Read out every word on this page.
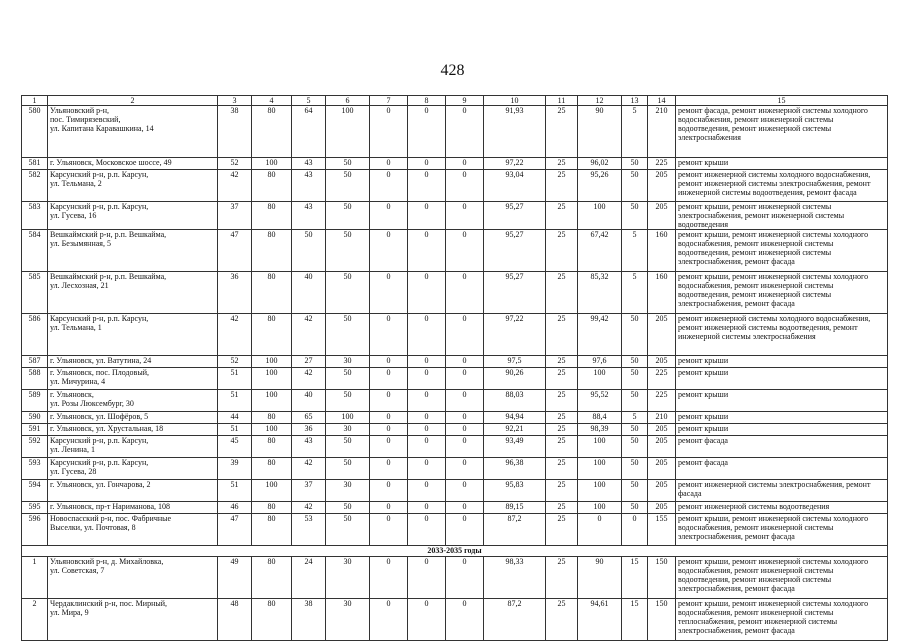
428
1	2	3	4	5	6	7	8	9	10	11	12	13	14	15
580	Ульяновский р-н,
пос. Тимирязевский,
ул. Капитана Каравашкина, 14	38	80	64	100	0	0	0	91,93	25	90	5	210	ремонт фасада, ремонт инженерной системы холодного водоснабжения, ремонт инженерной системы водоотведения, ремонт инженерной системы электроснабжения
581	г. Ульяновск, Московское шоссе, 49	52	100	43	50	0	0	0	97,22	25	96,02	50	225	ремонт крыши
582	Карсунский р-н, р.п. Карсун,
ул. Тельмана, 2	42	80	43	50	0	0	0	93,04	25	95,26	50	205	ремонт инженерной системы холодного водоснабжения, ремонт инженерной системы электроснабжения, ремонт инженерной системы водоотведения, ремонт фасада
583	Карсунский р-н, р.п. Карсун,
ул. Гусева, 16	37	80	43	50	0	0	0	95,27	25	100	50	205	ремонт крыши, ремонт инженерной системы электроснабжения, ремонт инженерной системы водоотведения
584	Вешкаймский р-н, р.п. Вешкайма,
ул. Безымянная, 5	47	80	50	50	0	0	0	95,27	25	67,42	5	160	ремонт крыши, ремонт инженерной системы холодного водоснабжения, ремонт инженерной системы водоотведения, ремонт инженерной системы электроснабжения, ремонт фасада
585	Вешкаймский р-н, р.п. Вешкайма,
ул. Лесхозная, 21	36	80	40	50	0	0	0	95,27	25	85,32	5	160	ремонт крыши, ремонт инженерной системы холодного водоснабжения, ремонт инженерной системы водоотведения, ремонт инженерной системы электроснабжения, ремонт фасада
586	Карсунский р-н, р.п. Карсун,
ул. Тельмана, 1	42	80	42	50	0	0	0	97,22	25	99,42	50	205	ремонт инженерной системы холодного водоснабжения, ремонт инженерной системы водоотведения, ремонт инженерной системы электроснабжения
587	г. Ульяновск, ул. Ватутина, 24	52	100	27	30	0	0	0	97,5	25	97,6	50	205	ремонт крыши
588	г. Ульяновск, пос. Плодовый,
ул. Мичурина, 4	51	100	42	50	0	0	0	90,26	25	100	50	225	ремонт крыши
589	г. Ульяновск,
ул. Розы Люксембург, 30	51	100	40	50	0	0	0	88,03	25	95,52	50	225	ремонт крыши
590	г. Ульяновск, ул. Шофёров, 5	44	80	65	100	0	0	0	94,94	25	88,4	5	210	ремонт крыши
591	г. Ульяновск, ул. Хрустальная, 18	51	100	36	30	0	0	0	92,21	25	98,39	50	205	ремонт крыши
592	Карсунский р-н, р.п. Карсун,
ул. Ленина, 1	45	80	43	50	0	0	0	93,49	25	100	50	205	ремонт фасада
593	Карсунский р-н, р.п. Карсун,
ул. Гусева, 28	39	80	42	50	0	0	0	96,38	25	100	50	205	ремонт фасада
594	г. Ульяновск, ул. Гончарова, 2	51	100	37	30	0	0	0	95,83	25	100	50	205	ремонт инженерной системы электроснабжения, ремонт фасада
595	г. Ульяновск, пр-т Нариманова, 108	46	80	42	50	0	0	0	89,15	25	100	50	205	ремонт инженерной системы водоотведения
596	Новоспасский р-н, пос. Фабричные
Выселки, ул. Почтовая, 8	47	80	53	50	0	0	0	87,2	25	0	0	155	ремонт крыши, ремонт инженерной системы холодного водоснабжения, ремонт инженерной системы электроснабжения, ремонт фасада
2033-2035 годы														
1	Ульяновский р-н, д. Михайловка,
ул. Советская, 7	49	80	24	30	0	0	0	98,33	25	90	15	150	ремонт крыши, ремонт инженерной системы холодного водоснабжения, ремонт инженерной системы водоотведения, ремонт инженерной системы электроснабжения, ремонт фасада
2	Чердаклинский р-н, пос. Мирный,
ул. Мира, 9	48	80	38	30	0	0	0	87,2	25	94,61	15	150	ремонт крыши, ремонт инженерной системы холодного водоснабжения, ремонт инженерной системы теплоснабжения, ремонт инженерной системы электроснабжения, ремонт фасада
